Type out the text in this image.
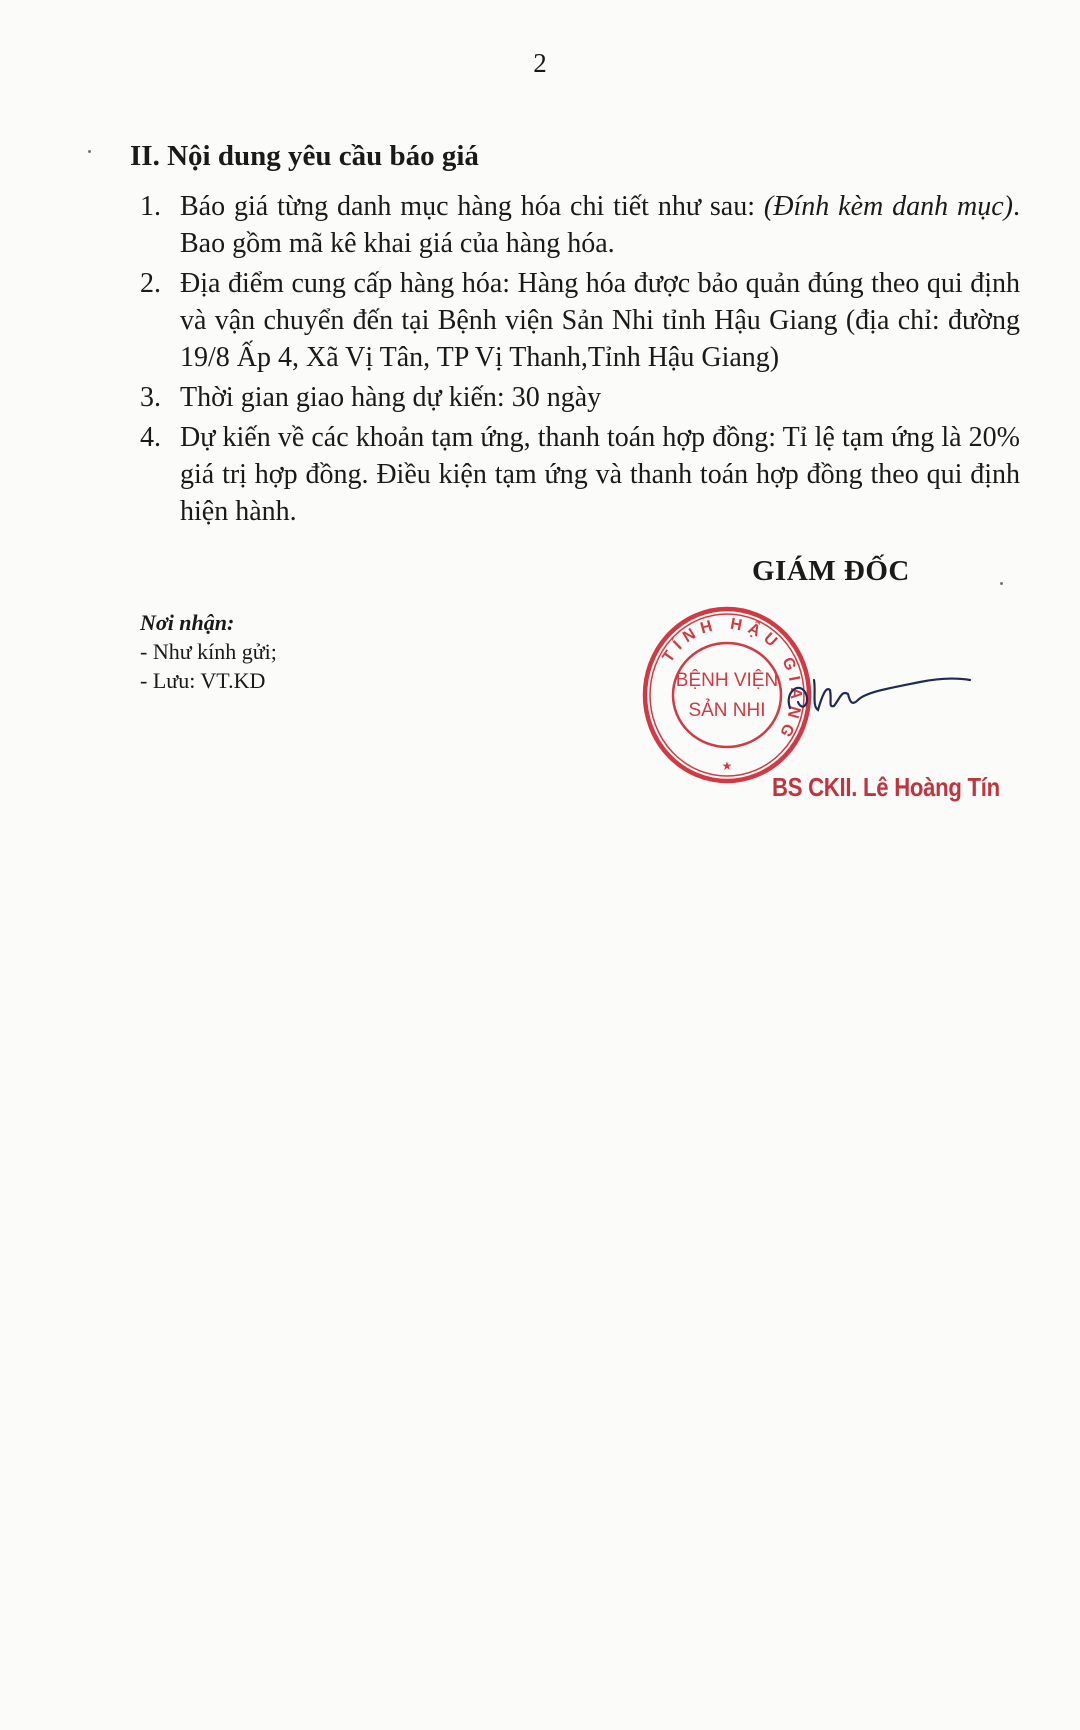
2
II. Nội dung yêu cầu báo giá
1. Báo giá từng danh mục hàng hóa chi tiết như sau: (Đính kèm danh mục). Bao gồm mã kê khai giá của hàng hóa.
2. Địa điểm cung cấp hàng hóa: Hàng hóa được bảo quản đúng theo qui định và vận chuyển đến tại Bệnh viện Sản Nhi tỉnh Hậu Giang (địa chỉ: đường 19/8 Ấp 4, Xã Vị Tân, TP Vị Thanh,Tỉnh Hậu Giang)
3. Thời gian giao hàng dự kiến: 30 ngày
4. Dự kiến về các khoản tạm ứng, thanh toán hợp đồng: Tỉ lệ tạm ứng là 20% giá trị hợp đồng. Điều kiện tạm ứng và thanh toán hợp đồng theo qui định hiện hành.
GIÁM ĐỐC
Nơi nhận:
- Như kính gửi;
- Lưu: VT.KD
TỈNH HẬU GIANG
BỆNH VIỆN
SẢN NHI
★
BS CKII. Lê Hoàng Tín
